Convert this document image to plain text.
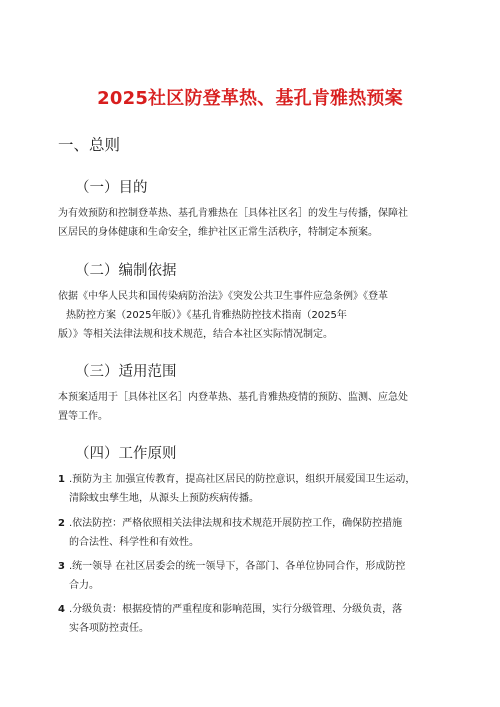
2025社区防登革热、基孔肯雅热预案
一、总则
（一）目的
为有效预防和控制登革热、基孔肯雅热在［具体社区名］的发生与传播，保障社
区居民的身体健康和生命安全，维护社区正常生活秩序，特制定本预案。
（二）编制依据
依据《中华人民共和国传染病防治法》《突发公共卫生事件应急条例》《登革
热防控方案（2025年版）》《基孔肯雅热防控技术指南（2025年
版）》等相关法律法规和技术规范，结合本社区实际情况制定。
（三）适用范围
本预案适用于［具体社区名］内登革热、基孔肯雅热疫情的预防、监测、应急处
置等工作。
（四）工作原则
1 .预防为主 加强宣传教育，提高社区居民的防控意识，组织开展爱国卫生运动，
清除蚊虫孳生地，从源头上预防疾病传播。
2 .依法防控：严格依照相关法律法规和技术规范开展防控工作，确保防控措施
的合法性、科学性和有效性。
3 .统一领导 在社区居委会的统一领导下，各部门、各单位协同合作，形成防控
合力。
4 .分级负责：根据疫情的严重程度和影响范围，实行分级管理、分级负责，落
实各项防控责任。
